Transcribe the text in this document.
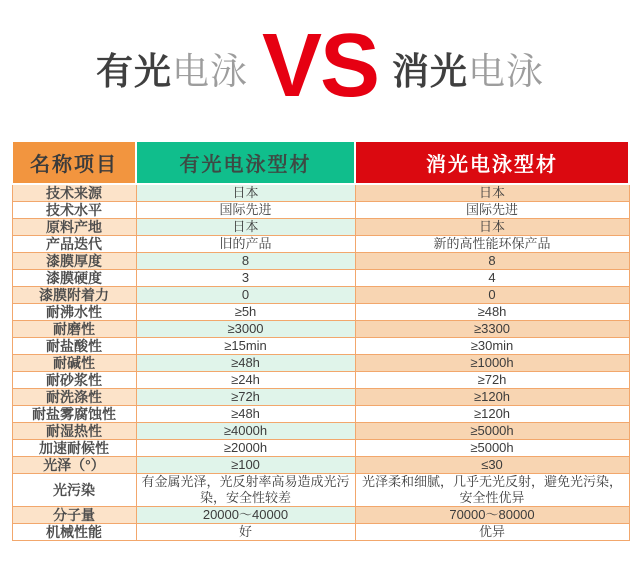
有光 电泳 VS 消光 电泳
名称项目	有光电泳型材	消光电泳型材
技术来源	日本	日本
技术水平	国际先进	国际先进
原料产地	日本	日本
产品迭代	旧的产品	新的高性能环保产品
漆膜厚度	8	8
漆膜硬度	3	4
漆膜附着力	0	0
耐沸水性	≥5h	≥48h
耐磨性	≥3000	≥3300
耐盐酸性	≥15min	≥30min
耐碱性	≥48h	≥1000h
耐砂浆性	≥24h	≥72h
耐洗涤性	≥72h	≥120h
耐盐雾腐蚀性	≥48h	≥120h
耐湿热性	≥4000h	≥5000h
加速耐候性	≥2000h	≥5000h
光泽（°）	≥100	≤30
光污染	有金属光泽，光反射率高易造成光污染，安全性较差	光泽柔和细腻，几乎无光反射，避免光污染，安全性优异
分子量	20000～40000	70000～80000
机械性能	好	优异
